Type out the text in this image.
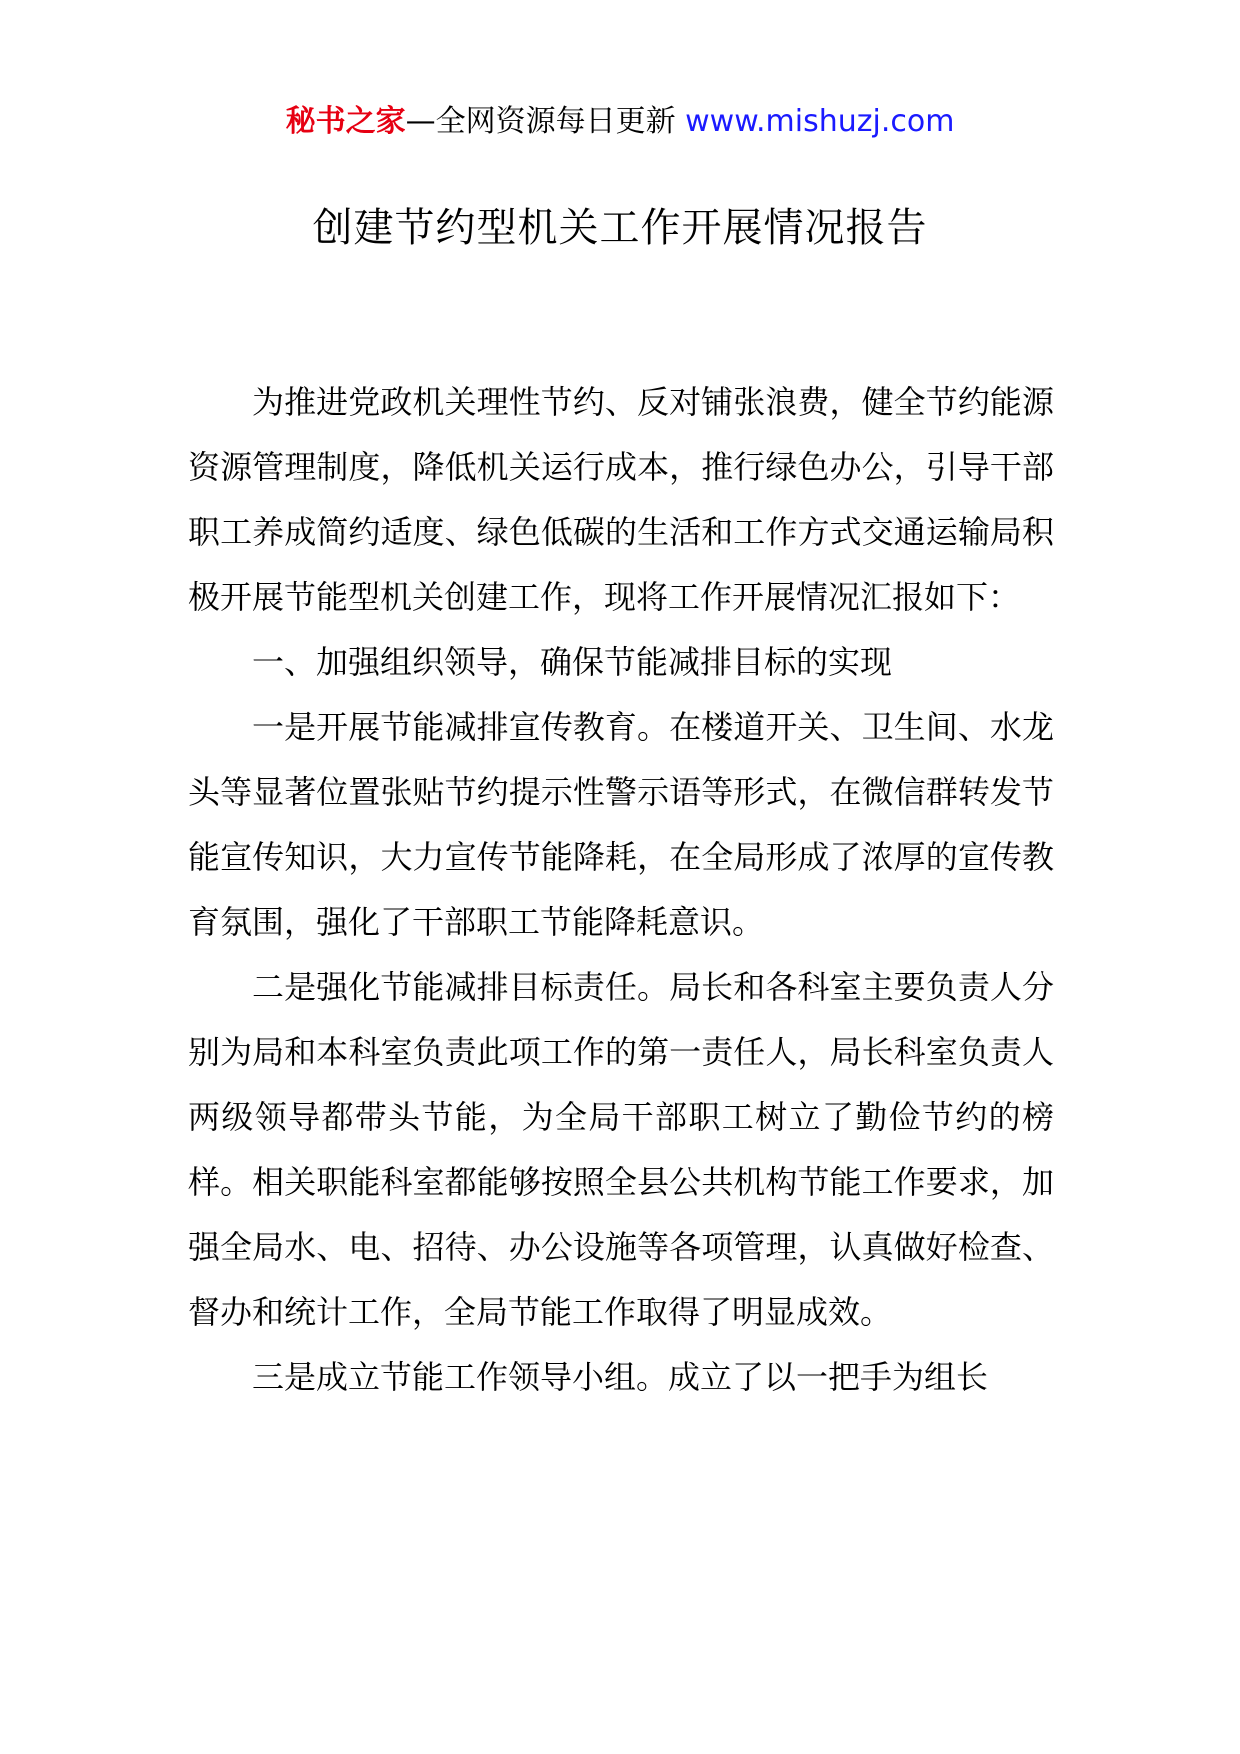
秘书之家—全网资源每日更新 www.mishuzj.com
创建节约型机关工作开展情况报告

为推进党政机关理性节约、反对铺张浪费，健全节约能源资源管理制度，降低机关运行成本，推行绿色办公，引导干部职工养成简约适度、绿色低碳的生活和工作方式交通运输局积极开展节能型机关创建工作，现将工作开展情况汇报如下：

一、加强组织领导，确保节能减排目标的实现

一是开展节能减排宣传教育。在楼道开关、卫生间、水龙头等显著位置张贴节约提示性警示语等形式，在微信群转发节能宣传知识，大力宣传节能降耗，在全局形成了浓厚的宣传教育氛围，强化了干部职工节能降耗意识。

二是强化节能减排目标责任。局长和各科室主要负责人分别为局和本科室负责此项工作的第一责任人，局长科室负责人两级领导都带头节能，为全局干部职工树立了勤俭节约的榜样。相关职能科室都能够按照全县公共机构节能工作要求，加强全局水、电、招待、办公设施等各项管理，认真做好检查、督办和统计工作，全局节能工作取得了明显成效。

三是成立节能工作领导小组。成立了以一把手为组长
